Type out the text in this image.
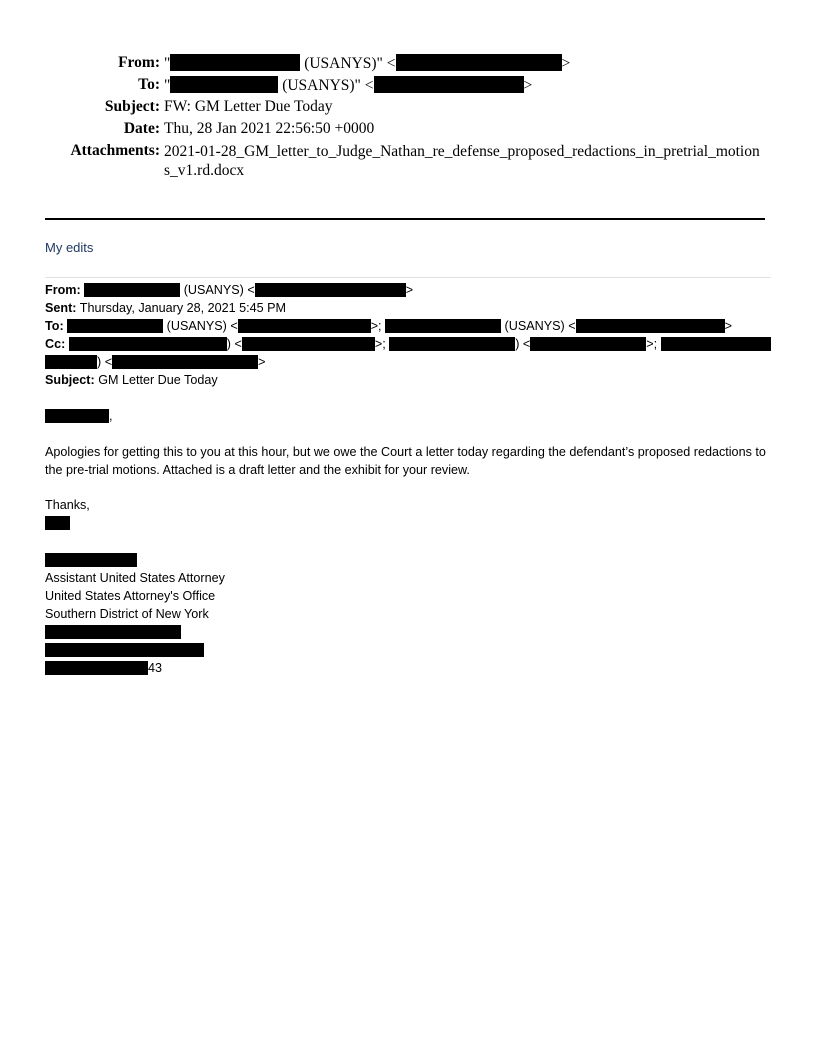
From: "	(USANYS)" <	>
To: "	(USANYS)" <	>
Subject: FW: GM Letter Due Today
Date: Thu, 28 Jan 2021 22:56:50 +0000
Attachments: 2021-01-28_GM_letter_to_Judge_Nathan_re_defense_proposed_redactions_in_pretrial_motions_v1.rd.docx
My edits
From:	(USANYS) <	>
Sent: Thursday, January 28, 2021 5:45 PM
To:	(USANYS) <	>;	(USANYS) <	>
Cc:	) <	>;	) <	>;
) <	>
Subject: GM Letter Due Today
,
Apologies for getting this to you at this hour, but we owe the Court a letter today regarding the defendant’s proposed redactions to the pre-trial motions. Attached is a draft letter and the exhibit for your review.
Thanks,
Assistant United States Attorney
United States Attorney's Office
Southern District of New York
43
